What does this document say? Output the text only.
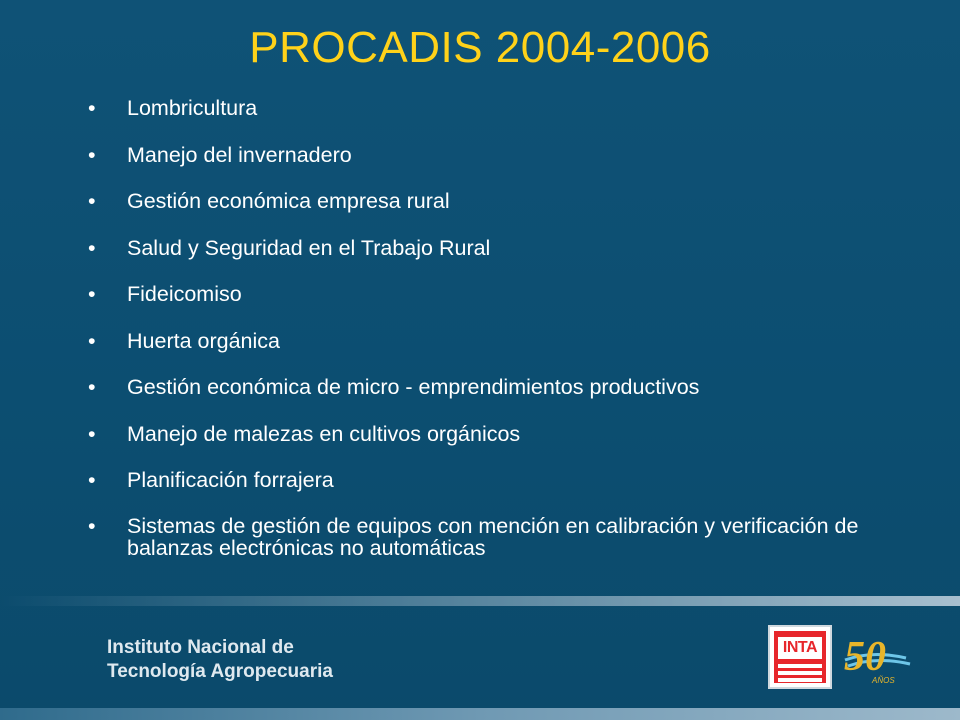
PROCADIS 2004-2006
• Lombricultura
• Manejo del invernadero
• Gestión económica empresa rural
• Salud y Seguridad en el Trabajo Rural
• Fideicomiso
• Huerta orgánica
• Gestión económica de micro - emprendimientos productivos
• Manejo de malezas en cultivos orgánicos
• Planificación forrajera
• Sistemas de gestión de equipos con mención en calibración y verificación de balanzas electrónicas no automáticas
Instituto Nacional de
Tecnología Agropecuaria
INTA 50
AÑOS
